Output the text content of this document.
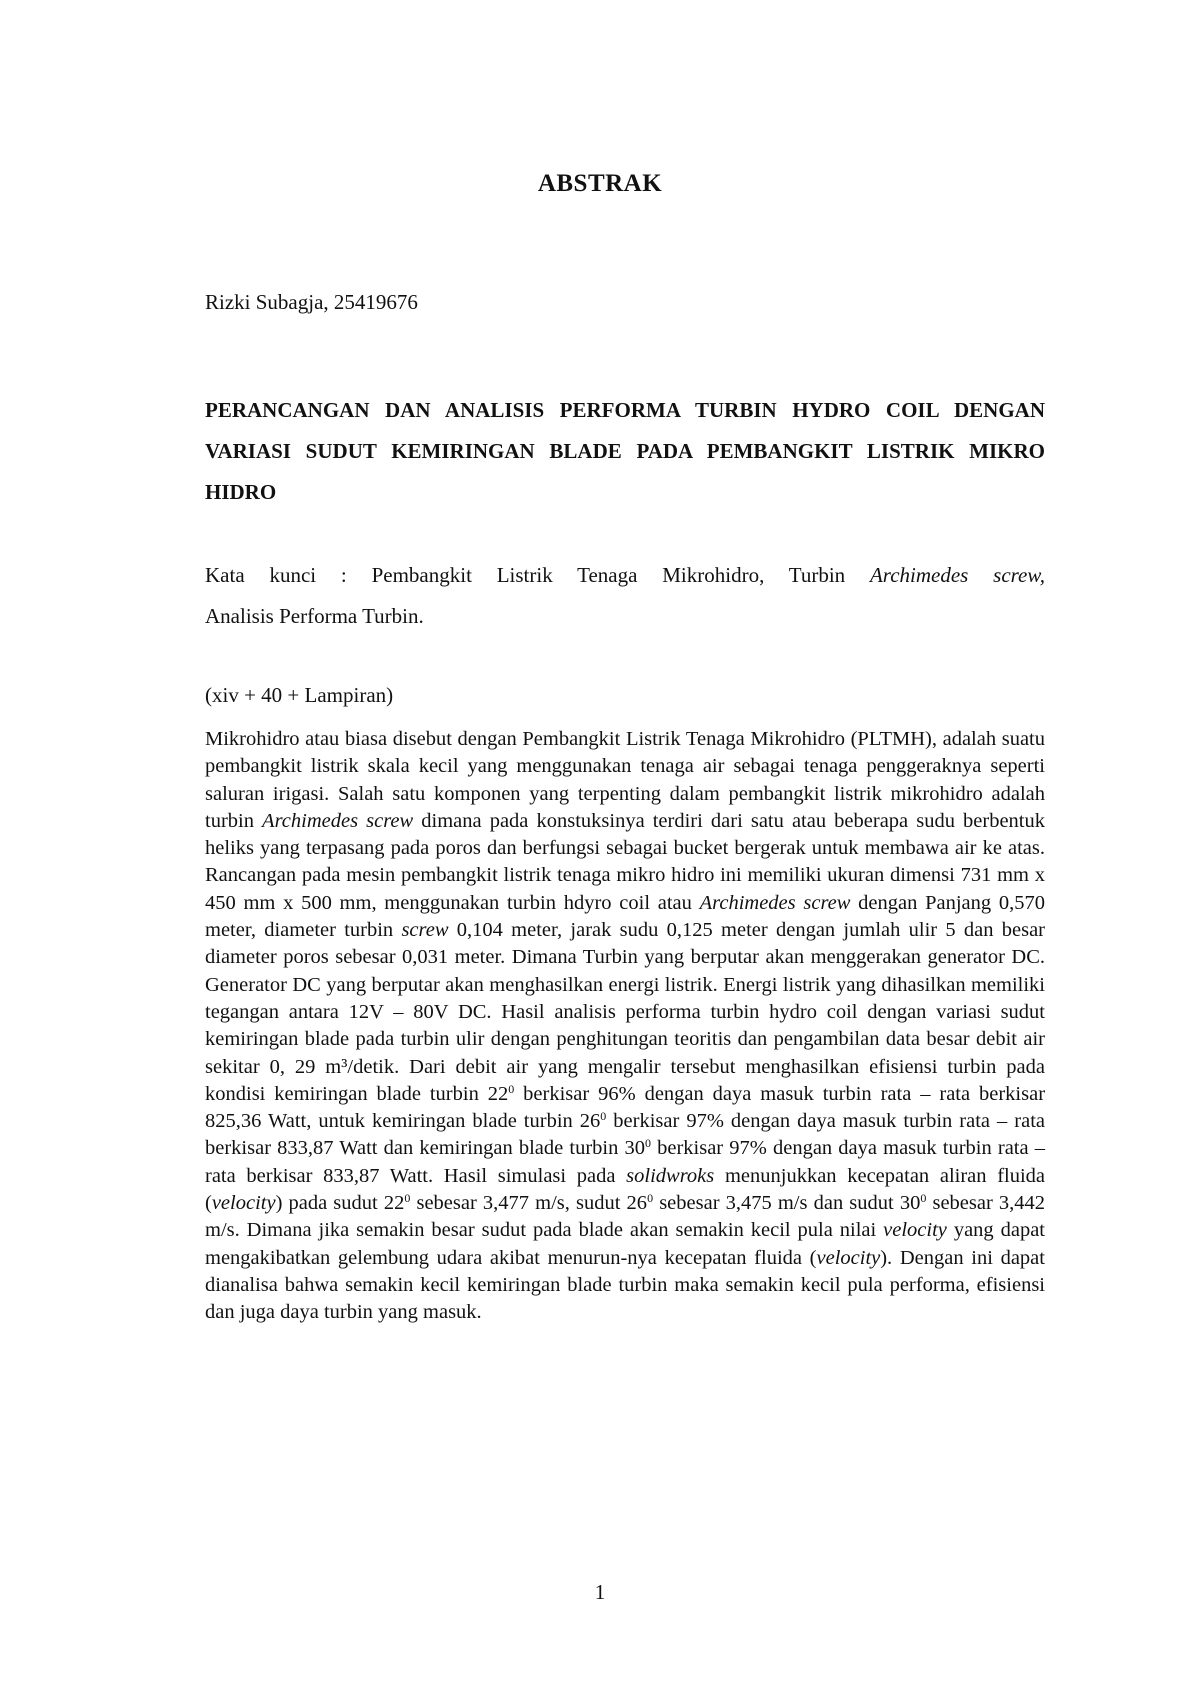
ABSTRAK
Rizki Subagja, 25419676
PERANCANGAN DAN ANALISIS PERFORMA TURBIN HYDRO COIL DENGAN VARIASI SUDUT KEMIRINGAN BLADE PADA PEMBANGKIT LISTRIK MIKRO HIDRO
Kata kunci : Pembangkit Listrik Tenaga Mikrohidro, Turbin Archimedes screw,
Analisis Performa Turbin.
(xiv + 40 + Lampiran)
Mikrohidro atau biasa disebut dengan Pembangkit Listrik Tenaga Mikrohidro (PLTMH), adalah suatu pembangkit listrik skala kecil yang menggunakan tenaga air sebagai tenaga penggeraknya seperti saluran irigasi. Salah satu komponen yang terpenting dalam pembangkit listrik mikrohidro adalah turbin Archimedes screw dimana pada konstuksinya terdiri dari satu atau beberapa sudu berbentuk heliks yang terpasang pada poros dan berfungsi sebagai bucket bergerak untuk membawa air ke atas. Rancangan pada mesin pembangkit listrik tenaga mikro hidro ini memiliki ukuran dimensi 731 mm x 450 mm x 500 mm, menggunakan turbin hdyro coil atau Archimedes screw dengan Panjang 0,570 meter, diameter turbin screw 0,104 meter, jarak sudu 0,125 meter dengan jumlah ulir 5 dan besar diameter poros sebesar 0,031 meter. Dimana Turbin yang berputar akan menggerakan generator DC. Generator DC yang berputar akan menghasilkan energi listrik. Energi listrik yang dihasilkan memiliki tegangan antara 12V – 80V DC. Hasil analisis performa turbin hydro coil dengan variasi sudut kemiringan blade pada turbin ulir dengan penghitungan teoritis dan pengambilan data besar debit air sekitar 0, 29 m³/detik. Dari debit air yang mengalir tersebut menghasilkan efisiensi turbin pada kondisi kemiringan blade turbin $22^0$ berkisar 96% dengan daya masuk turbin rata – rata berkisar 825,36 Watt, untuk kemiringan blade turbin $26^0$ berkisar 97% dengan daya masuk turbin rata – rata berkisar 833,87 Watt dan kemiringan blade turbin $30^0$ berkisar 97% dengan daya masuk turbin rata – rata berkisar 833,87 Watt. Hasil simulasi pada solidwroks menunjukkan kecepatan aliran fluida (velocity) pada sudut $22^0$ sebesar 3,477 m/s, sudut $26^0$ sebesar 3,475 m/s dan sudut $30^0$ sebesar 3,442 m/s. Dimana jika semakin besar sudut pada blade akan semakin kecil pula nilai velocity yang dapat mengakibatkan gelembung udara akibat menurun-nya kecepatan fluida (velocity). Dengan ini dapat dianalisa bahwa semakin kecil kemiringan blade turbin maka semakin kecil pula performa, efisiensi dan juga daya turbin yang masuk.
1
